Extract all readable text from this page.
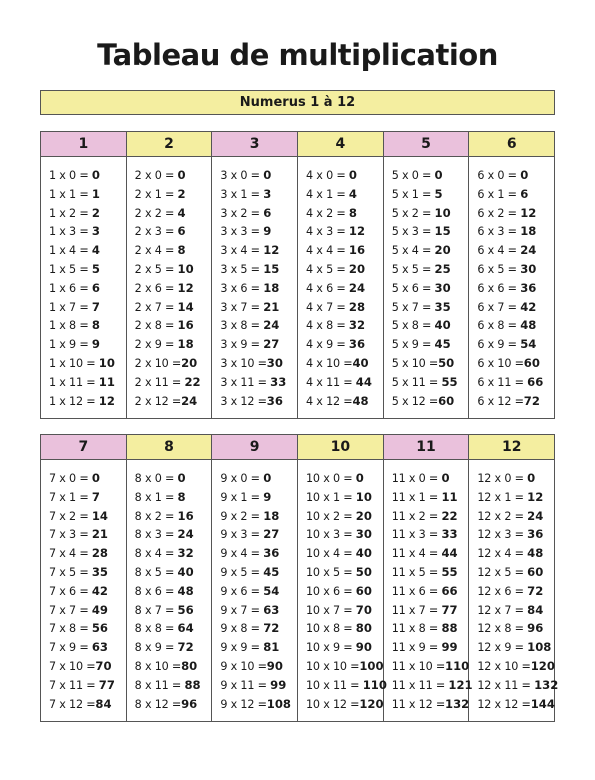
Tableau de multiplication
Numerus 1 à 12
1
1 x 0 = 0
1 x 1 = 1
1 x 2 = 2
1 x 3 = 3
1 x 4 = 4
1 x 5 = 5
1 x 6 = 6
1 x 7 = 7
1 x 8 = 8
1 x 9 = 9
1 x 10 = 10
1 x 11 = 11
1 x 12 = 12
2
2 x 0 = 0
2 x 1 = 2
2 x 2 = 4
2 x 3 = 6
2 x 4 = 8
2 x 5 = 10
2 x 6 = 12
2 x 7 = 14
2 x 8 = 16
2 x 9 = 18
2 x 10 =20
2 x 11 = 22
2 x 12 =24
3
3 x 0 = 0
3 x 1 = 3
3 x 2 = 6
3 x 3 = 9
3 x 4 = 12
3 x 5 = 15
3 x 6 = 18
3 x 7 = 21
3 x 8 = 24
3 x 9 = 27
3 x 10 =30
3 x 11 = 33
3 x 12 =36
4
4 x 0 = 0
4 x 1 = 4
4 x 2 = 8
4 x 3 = 12
4 x 4 = 16
4 x 5 = 20
4 x 6 = 24
4 x 7 = 28
4 x 8 = 32
4 x 9 = 36
4 x 10 =40
4 x 11 = 44
4 x 12 =48
5
5 x 0 = 0
5 x 1 = 5
5 x 2 = 10
5 x 3 = 15
5 x 4 = 20
5 x 5 = 25
5 x 6 = 30
5 x 7 = 35
5 x 8 = 40
5 x 9 = 45
5 x 10 =50
5 x 11 = 55
5 x 12 =60
6
6 x 0 = 0
6 x 1 = 6
6 x 2 = 12
6 x 3 = 18
6 x 4 = 24
6 x 5 = 30
6 x 6 = 36
6 x 7 = 42
6 x 8 = 48
6 x 9 = 54
6 x 10 =60
6 x 11 = 66
6 x 12 =72
7
7 x 0 = 0
7 x 1 = 7
7 x 2 = 14
7 x 3 = 21
7 x 4 = 28
7 x 5 = 35
7 x 6 = 42
7 x 7 = 49
7 x 8 = 56
7 x 9 = 63
7 x 10 =70
7 x 11 = 77
7 x 12 =84
8
8 x 0 = 0
8 x 1 = 8
8 x 2 = 16
8 x 3 = 24
8 x 4 = 32
8 x 5 = 40
8 x 6 = 48
8 x 7 = 56
8 x 8 = 64
8 x 9 = 72
8 x 10 =80
8 x 11 = 88
8 x 12 =96
9
9 x 0 = 0
9 x 1 = 9
9 x 2 = 18
9 x 3 = 27
9 x 4 = 36
9 x 5 = 45
9 x 6 = 54
9 x 7 = 63
9 x 8 = 72
9 x 9 = 81
9 x 10 =90
9 x 11 = 99
9 x 12 =108
10
10 x 0 = 0
10 x 1 = 10
10 x 2 = 20
10 x 3 = 30
10 x 4 = 40
10 x 5 = 50
10 x 6 = 60
10 x 7 = 70
10 x 8 = 80
10 x 9 = 90
10 x 10 =100
10 x 11 = 110
10 x 12 =120
11
11 x 0 = 0
11 x 1 = 11
11 x 2 = 22
11 x 3 = 33
11 x 4 = 44
11 x 5 = 55
11 x 6 = 66
11 x 7 = 77
11 x 8 = 88
11 x 9 = 99
11 x 10 =110
11 x 11 = 121
11 x 12 =132
12
12 x 0 = 0
12 x 1 = 12
12 x 2 = 24
12 x 3 = 36
12 x 4 = 48
12 x 5 = 60
12 x 6 = 72
12 x 7 = 84
12 x 8 = 96
12 x 9 = 108
12 x 10 =120
12 x 11 = 132
12 x 12 =144
